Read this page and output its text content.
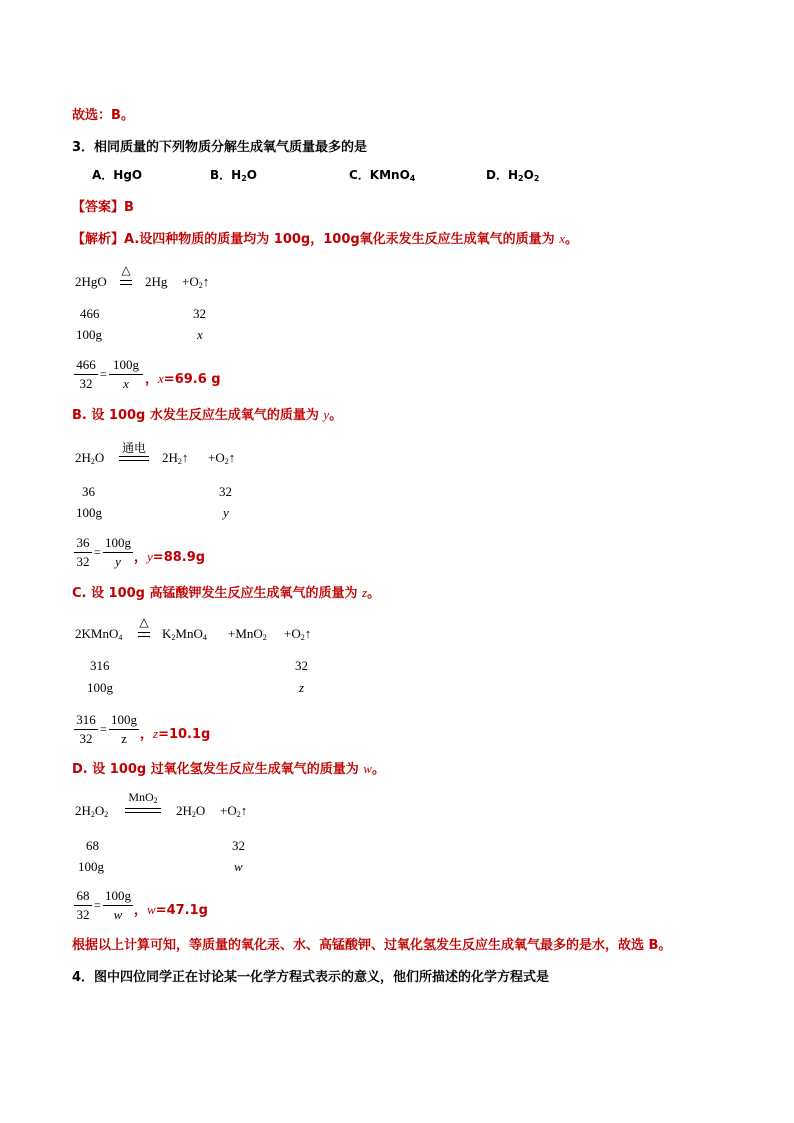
故选：B。
3．相同质量的下列物质分解生成氧气质量最多的是
A．HgO	B．$H_2O$	C．KMnO$_4$	D．$H_2O_2$
【答案】B
【解析】A.设四种物质的质量均为 100g，100g氧化汞发生反应生成氧气的质量为 x。
2HgO
△
$2Hg +O_2↑$
466	32
100g	x
$\frac{466}{32} = \frac{100g}{x}$ ，x=69.6 g
B. 设 100g 水发生反应生成氧气的质量为 y。
$2H_2O$
通电
$2H_2↑$ $+O_2↑$
36	32
100g	y
$\frac{36}{32} = \frac{100g}{y}$ ，y=88.9g
C. 设 100g 高锰酸钾发生反应生成氧气的质量为 z。
2KMnO$_4$
△
$K_2MnO_4 +MnO_2$ $+O_2↑$
316	32
100g	z
$\frac{316}{32} = \frac{100g}{z}$ ，z=10.1g
D. 设 100g 过氧化氢发生反应生成氧气的质量为 w。
$2H_2O_2$
MnO$_2$
$2H_2O$ $+O_2↑$
68	32
100g	w
$\frac{68}{32} = \frac{100g}{w}$ ，w=47.1g
根据以上计算可知，等质量的氧化汞、水、高锰酸钾、过氧化氢发生反应生成氧气最多的是水，故选 B。
4．图中四位同学正在讨论某一化学方程式表示的意义，他们所描述的化学方程式是
